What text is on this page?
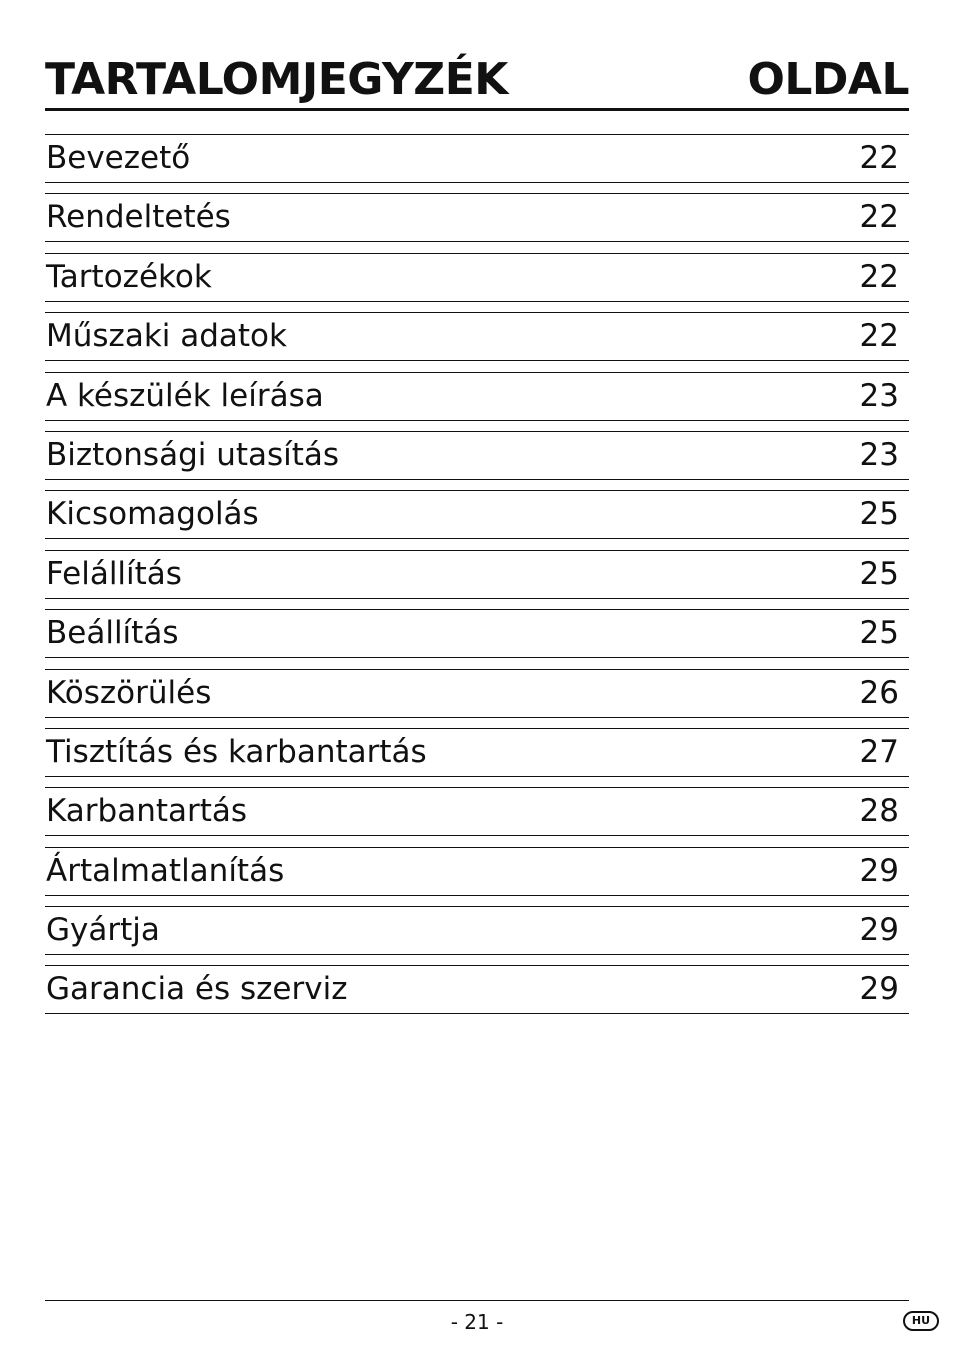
TARTALOMJEGYZÉK	OLDAL
Bevezető	22
Rendeltetés	22
Tartozékok	22
Műszaki adatok	22
A készülék leírása	23
Biztonsági utasítás	23
Kicsomagolás	25
Felállítás	25
Beállítás	25
Köszörülés	26
Tisztítás és karbantartás	27
Karbantartás	28
Ártalmatlanítás	29
Gyártja	29
Garancia és szerviz	29
- 21 -	HU
